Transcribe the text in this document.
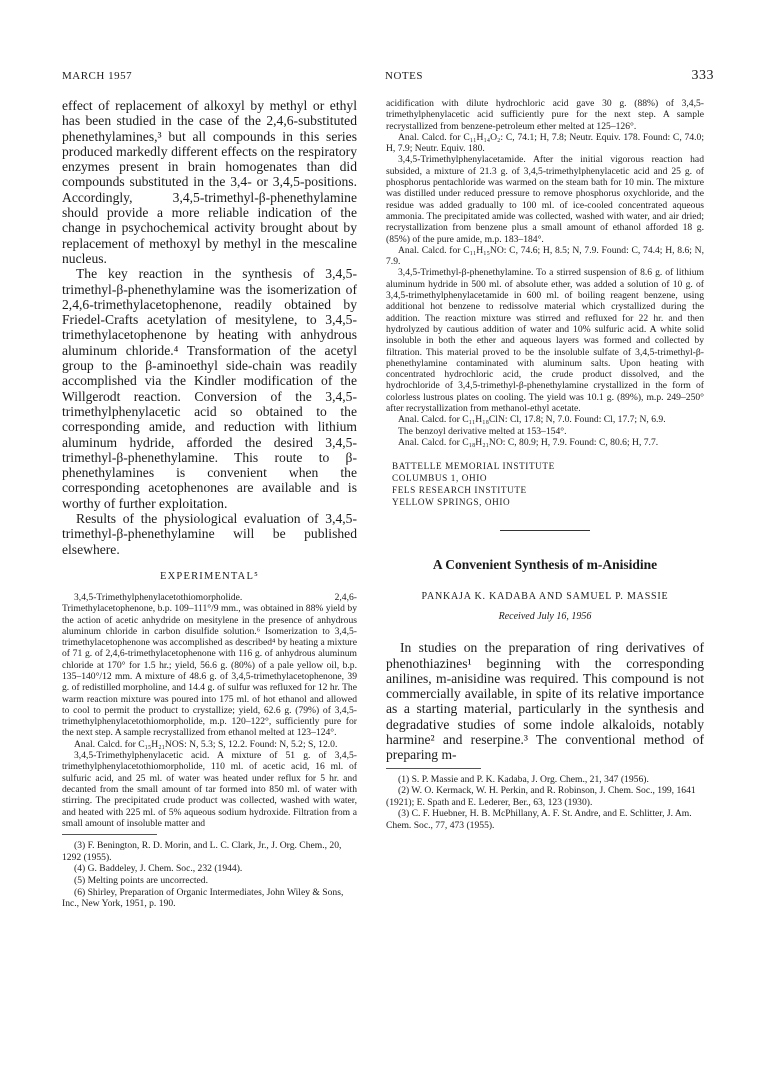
MARCH 1957	NOTES	333

effect of replacement of alkoxyl by methyl or ethyl has been studied in the case of the 2,4,6-substituted phenethylamines,³ but all compounds in this series produced markedly different effects on the respiratory enzymes present in brain homogenates than did compounds substituted in the 3,4- or 3,4,5-positions. Accordingly, 3,4,5-trimethyl-β-phenethylamine should provide a more reliable indication of the change in psychochemical activity brought about by replacement of methoxyl by methyl in the mescaline nucleus.

The key reaction in the synthesis of 3,4,5-trimethyl-β-phenethylamine was the isomerization of 2,4,6-trimethylacetophenone, readily obtained by Friedel-Crafts acetylation of mesitylene, to 3,4,5-trimethylacetophenone by heating with anhydrous aluminum chloride.⁴ Transformation of the acetyl group to the β-aminoethyl side-chain was readily accomplished via the Kindler modification of the Willgerodt reaction. Conversion of the 3,4,5-trimethylphenylacetic acid so obtained to the corresponding amide, and reduction with lithium aluminum hydride, afforded the desired 3,4,5-trimethyl-β-phenethylamine. This route to β-phenethylamines is convenient when the corresponding acetophenones are available and is worthy of further exploitation.

Results of the physiological evaluation of 3,4,5-trimethyl-β-phenethylamine will be published elsewhere.

EXPERIMENTAL⁵

3,4,5-Trimethylphenylacetothiomorpholide. 2,4,6-Trimethylacetophenone, b.p. 109–111°/9 mm., was obtained in 88% yield by the action of acetic anhydride on mesitylene in the presence of anhydrous aluminum chloride in carbon disulfide solution.⁶ Isomerization to 3,4,5-trimethylacetophenone was accomplished as described⁴ by heating a mixture of 71 g. of 2,4,6-trimethylacetophenone with 116 g. of anhydrous aluminum chloride at 170° for 1.5 hr.; yield, 56.6 g. (80%) of a pale yellow oil, b.p. 135–140°/12 mm. A mixture of 48.6 g. of 3,4,5-trimethylacetophenone, 39 g. of redistilled morpholine, and 14.4 g. of sulfur was refluxed for 12 hr. The warm reaction mixture was poured into 175 ml. of hot ethanol and allowed to cool to permit the product to crystallize; yield, 62.6 g. (79%) of 3,4,5-trimethylphenylacetothiomorpholide, m.p. 120–122°, sufficiently pure for the next step. A sample recrystallized from ethanol melted at 123–124°.

Anal. Calcd. for C₁₅H₂₁NOS: N, 5.3; S, 12.2. Found: N, 5.2; S, 12.0.

3,4,5-Trimethylphenylacetic acid. A mixture of 51 g. of 3,4,5-trimethylphenylacetothiomorpholide, 110 ml. of acetic acid, 16 ml. of sulfuric acid, and 25 ml. of water was heated under reflux for 5 hr. and decanted from the small amount of tar formed into 850 ml. of water with stirring. The precipitated crude product was collected, washed with water, and heated with 225 ml. of 5% aqueous sodium hydroxide. Filtration from a small amount of insoluble matter and

(3) F. Benington, R. D. Morin, and L. C. Clark, Jr., J. Org. Chem., 20, 1292 (1955).

(4) G. Baddeley, J. Chem. Soc., 232 (1944).

(5) Melting points are uncorrected.

(6) Shirley, Preparation of Organic Intermediates, John Wiley & Sons, Inc., New York, 1951, p. 190.

acidification with dilute hydrochloric acid gave 30 g. (88%) of 3,4,5-trimethylphenylacetic acid sufficiently pure for the next step. A sample recrystallized from benzene-petroleum ether melted at 125–126°.

Anal. Calcd. for C₁₁H₁₄O₂: C, 74.1; H, 7.8; Neutr. Equiv. 178. Found: C, 74.0; H, 7.9; Neutr. Equiv. 180.

3,4,5-Trimethylphenylacetamide. After the initial vigorous reaction had subsided, a mixture of 21.3 g. of 3,4,5-trimethylphenylacetic acid and 25 g. of phosphorus pentachloride was warmed on the steam bath for 10 min. The mixture was distilled under reduced pressure to remove phosphorus oxychloride, and the residue was added gradually to 100 ml. of ice-cooled concentrated aqueous ammonia. The precipitated amide was collected, washed with water, and air dried; recrystallization from benzene plus a small amount of ethanol afforded 18 g. (85%) of the pure amide, m.p. 183–184°.

Anal. Calcd. for C₁₁H₁₅NO: C, 74.6; H, 8.5; N, 7.9. Found: C, 74.4; H, 8.6; N, 7.9.

3,4,5-Trimethyl-β-phenethylamine. To a stirred suspension of 8.6 g. of lithium aluminum hydride in 500 ml. of absolute ether, was added a solution of 10 g. of 3,4,5-trimethylphenylacetamide in 600 ml. of boiling reagent benzene, using additional hot benzene to redissolve material which crystallized during the addition. The reaction mixture was stirred and refluxed for 22 hr. and then hydrolyzed by cautious addition of water and 10% sulfuric acid. A white solid insoluble in both the ether and aqueous layers was formed and collected by filtration. This material proved to be the insoluble sulfate of 3,4,5-trimethyl-β-phenethylamine contaminated with aluminum salts. Upon heating with concentrated hydrochloric acid, the crude product dissolved, and the hydrochloride of 3,4,5-trimethyl-β-phenethylamine crystallized in the form of colorless lustrous plates on cooling. The yield was 10.1 g. (89%), m.p. 249–250° after recrystallization from methanol-ethyl acetate.

Anal. Calcd. for C₁₁H₁₈ClN: Cl, 17.8; N, 7.0. Found: Cl, 17.7; N, 6.9.

The benzoyl derivative melted at 153–154°.

Anal. Calcd. for C₁₈H₂₁NO: C, 80.9; H, 7.9. Found: C, 80.6; H, 7.7.

BATTELLE MEMORIAL INSTITUTE
COLUMBUS 1, OHIO
FELS RESEARCH INSTITUTE
YELLOW SPRINGS, OHIO
A Convenient Synthesis of m-Anisidine
PANKAJA K. KADABA AND SAMUEL P. MASSIE
Received July 16, 1956

In studies on the preparation of ring derivatives of phenothiazines¹ beginning with the corresponding anilines, m-anisidine was required. This compound is not commercially available, in spite of its relative importance as a starting material, particularly in the synthesis and degradative studies of some indole alkaloids, notably harmine² and reserpine.³ The conventional method of preparing m-

(1) S. P. Massie and P. K. Kadaba, J. Org. Chem., 21, 347 (1956).

(2) W. O. Kermack, W. H. Perkin, and R. Robinson, J. Chem. Soc., 199, 1641 (1921); E. Spath and E. Lederer, Ber., 63, 123 (1930).

(3) C. F. Huebner, H. B. McPhillany, A. F. St. Andre, and E. Schlitter, J. Am. Chem. Soc., 77, 473 (1955).
